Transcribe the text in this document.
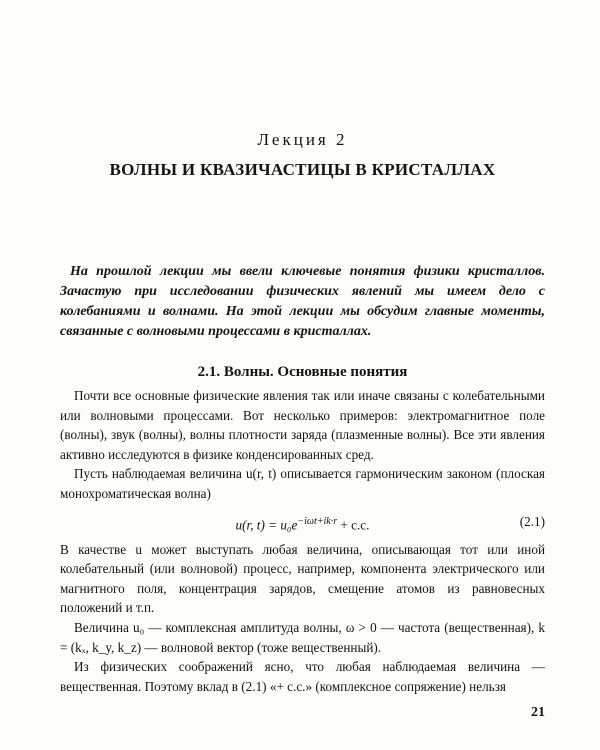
Лекция 2
ВОЛНЫ И КВАЗИЧАСТИЦЫ В КРИСТАЛЛАХ

На прошлой лекции мы ввели ключевые понятия физики кристаллов. Зачастую при исследовании физических явлений мы имеем дело с колебаниями и волнами. На этой лекции мы обсудим главные моменты, связанные с волновыми процессами в кристаллах.

2.1. Волны. Основные понятия

Почти все основные физические явления так или иначе связаны с колебательными или волновыми процессами. Вот несколько примеров: электромагнитное поле (волны), звук (волны), волны плотности заряда (плазменные волны). Все эти явления активно исследуются в физике конденсированных сред.

Пусть наблюдаемая величина u(r, t) описывается гармоническим законом (плоская монохроматическая волна)

u(r, $t) = u_0e^{-i\omega t+ik\cdot r} + c.c$.	(2.1)

В качестве u может выступать любая величина, описывающая тот или иной колебательный (или волновой) процесс, например, компонента электрического или магнитного поля, концентрация зарядов, смещение атомов из равновесных положений и т.п.

Величина u₀ — комплексная амплитуда волны, ω > 0 — частота (вещественная), k = (kₓ, k_y, k_z) — волновой вектор (тоже вещественный).

Из физических соображений ясно, что любая наблюдаемая величина — вещественная. Поэтому вклад в (2.1) «+ c.c.» (комплексное сопряжение) нельзя

21
